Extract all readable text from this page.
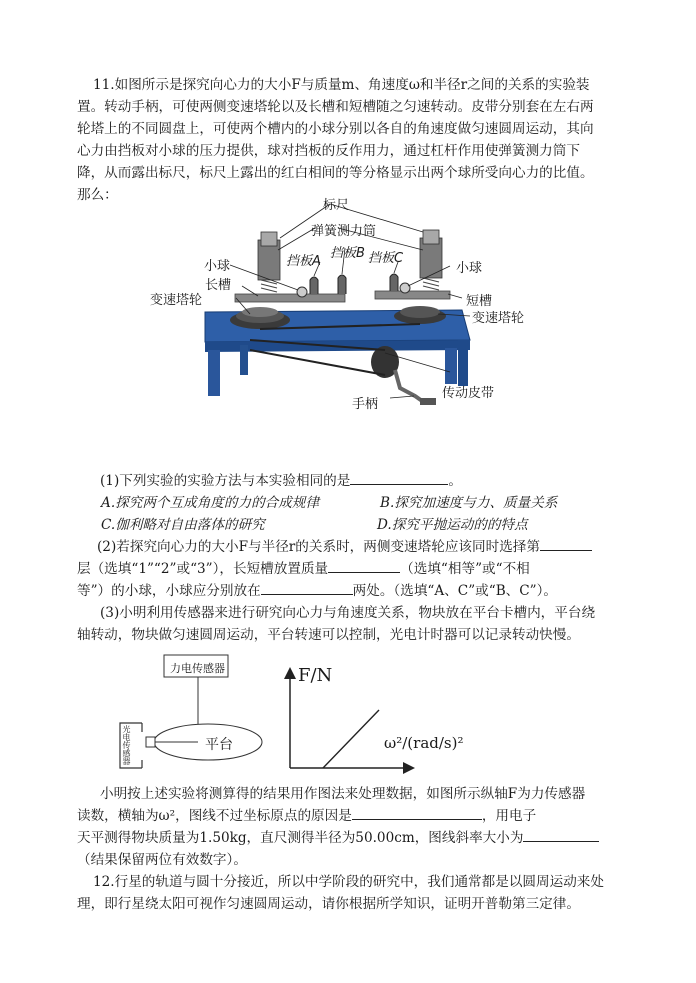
11.如图所示是探究向心力的大小F与质量m、角速度ω和半径r之间的关系的实验装
置。转动手柄，可使两侧变速塔轮以及长槽和短槽随之匀速转动。皮带分别套在左右两
轮塔上的不同圆盘上，可使两个槽内的小球分别以各自的角速度做匀速圆周运动，其向
心力由挡板对小球的压力提供，球对挡板的反作用力，通过杠杆作用使弹簧测力筒下
降，从而露出标尺，标尺上露出的红白相间的等分格显示出两个球所受向心力的比值。
那么：
标尺
弹簧测力筒
挡板B
挡板A	挡板C
小球	小球
长槽
变速塔轮	短槽
变速塔轮
传动皮带
手柄
(1)下列实验的实验方法与本实验相同的是	。
A.探究两个互成角度的力的合成规律	B.探究加速度与力、质量关系
C.伽利略对自由落体的研究	D.探究平抛运动的的特点
(2)若探究向心力的大小F与半径r的关系时，两侧变速塔轮应该同时选择第
层（选填“1”“2”或“3”），长短槽放置质量	（选填“相等”或“不相
等”）的小球，小球应分别放在	两处。（选填“A、C”或“B、C”）。
(3)小明利用传感器来进行研究向心力与角速度关系，物块放在平台卡槽内，平台绕
轴转动，物块做匀速圆周运动，平台转速可以控制，光电计时器可以记录转动快慢。
力电传感器
光电传感器	平台
F/N
ω²/(rad/s)²
小明按上述实验将测算得的结果用作图法来处理数据，如图所示纵轴F为力传感器
读数，横轴为ω²，图线不过坐标原点的原因是	，用电子
天平测得物块质量为1.50kg，直尺测得半径为50.00cm，图线斜率大小为
（结果保留两位有效数字）。
12.行星的轨道与圆十分接近，所以中学阶段的研究中，我们通常都是以圆周运动来处
理，即行星绕太阳可视作匀速圆周运动，请你根据所学知识，证明开普勒第三定律。
